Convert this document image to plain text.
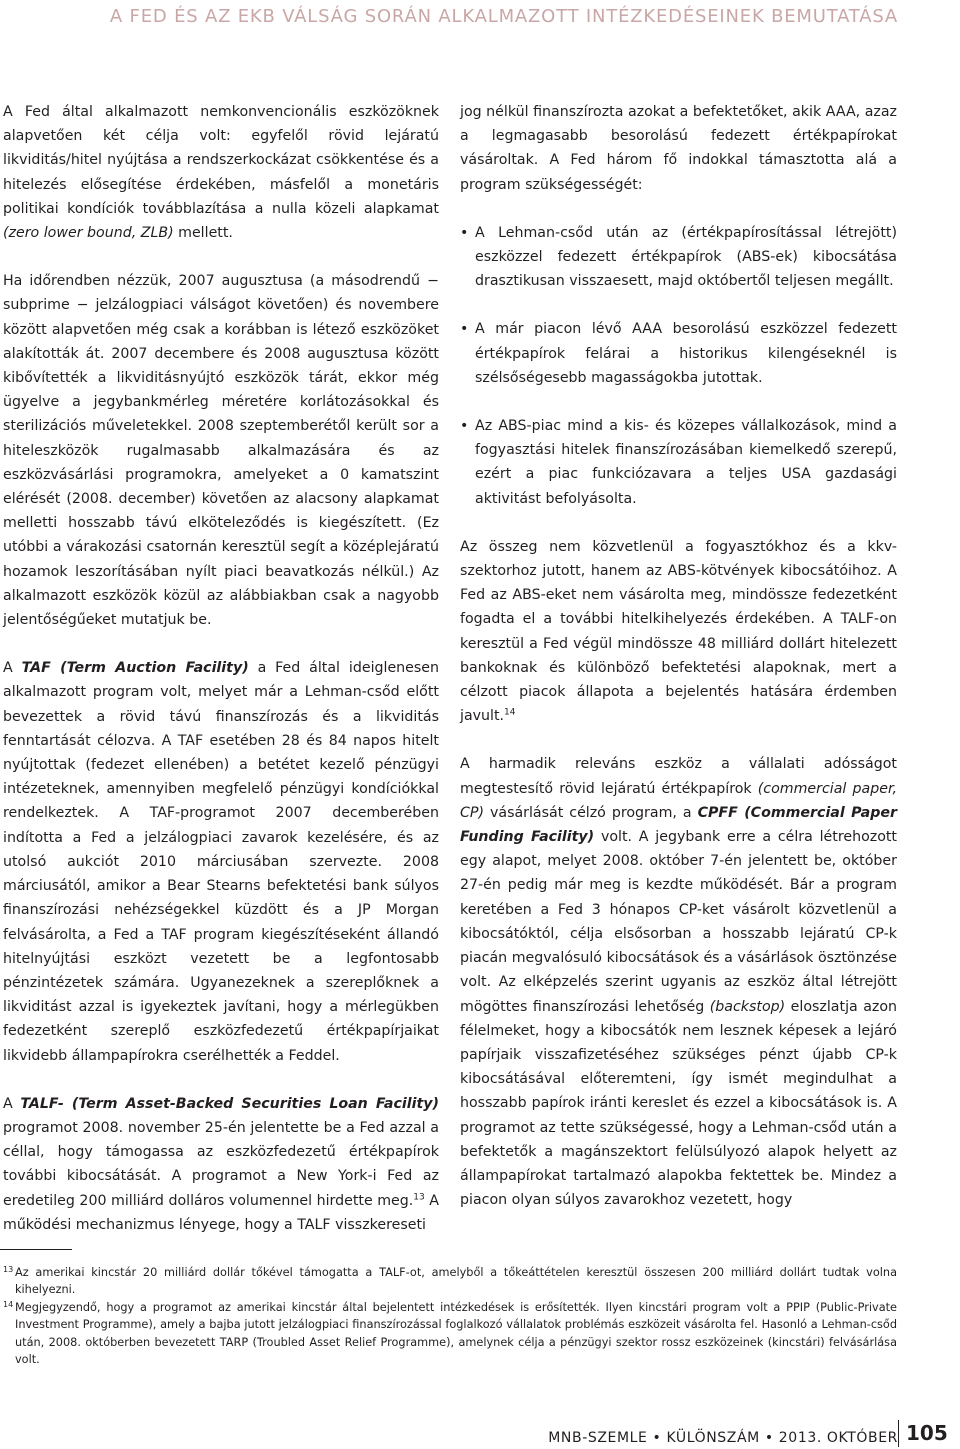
A FED ÉS AZ EKB VÁLSÁG SORÁN ALKALMAZOTT INTÉZKEDÉSEINEK BEMUTATÁSA

A Fed által alkalmazott nemkonvencionális eszközöknek alapvetően két célja volt: egyfelől rövid lejáratú likviditás/hitel nyújtása a rendszerkockázat csökkentése és a hitelezés elősegítése érdekében, másfelől a monetáris politikai kondíciók továbblazítása a nulla közeli alapkamat (zero lower bound, ZLB) mellett.

Ha időrendben nézzük, 2007 augusztusa (a másodrendű − subprime − jelzálogpiaci válságot követően) és novembere között alapvetően még csak a korábban is létező eszközöket alakították át. 2007 decembere és 2008 augusztusa között kibővítették a likviditásnyújtó eszközök tárát, ekkor még ügyelve a jegybankmérleg méretére korlátozásokkal és sterilizációs műveletekkel. 2008 szeptemberétől került sor a hiteleszközök rugalmasabb alkalmazására és az eszközvásárlási programokra, amelyeket a 0 kamatszint elérését (2008. december) követően az alacsony alapkamat melletti hosszabb távú elköteleződés is kiegészített. (Ez utóbbi a várakozási csatornán keresztül segít a középlejáratú hozamok leszorításában nyílt piaci beavatkozás nélkül.) Az alkalmazott eszközök közül az alábbiakban csak a nagyobb jelentőségűeket mutatjuk be.

A TAF (Term Auction Facility) a Fed által ideiglenesen alkalmazott program volt, melyet már a Lehman-csőd előtt bevezettek a rövid távú finanszírozás és a likviditás fenntartását célozva. A TAF esetében 28 és 84 napos hitelt nyújtottak (fedezet ellenében) a betétet kezelő pénzügyi intézeteknek, amennyiben megfelelő pénzügyi kondíciókkal rendelkeztek. A TAF-programot 2007 decemberében indította a Fed a jelzálogpiaci zavarok kezelésére, és az utolsó aukciót 2010 márciusában szervezte. 2008 márciusától, amikor a Bear Stearns befektetési bank súlyos finanszírozási nehézségekkel küzdött és a JP Morgan felvásárolta, a Fed a TAF program kiegészítéseként állandó hitelnyújtási eszközt vezetett be a legfontosabb pénzintézetek számára. Ugyanezeknek a szereplőknek a likviditást azzal is igyekeztek javítani, hogy a mérlegükben fedezetként szereplő eszközfedezetű értékpapírjaikat likvidebb állampapírokra cserélhették a Feddel.

A TALF- (Term Asset-Backed Securities Loan Facility) programot 2008. november 25-én jelentette be a Fed azzal a céllal, hogy támogassa az eszközfedezetű értékpapírok további kibocsátását. A programot a New York-i Fed az eredetileg 200 milliárd dolláros volumennel hirdette meg.$^{13}$ A működési mechanizmus lényege, hogy a TALF visszkereseti

jog nélkül finanszírozta azokat a befektetőket, akik AAA, azaz a legmagasabb besorolású fedezett értékpapírokat vásároltak. A Fed három fő indokkal támasztotta alá a program szükségességét:

• A Lehman-csőd után az (értékpapírosítással létrejött) eszközzel fedezett értékpapírok (ABS-ek) kibocsátása drasztikusan visszaesett, majd októbertől teljesen megállt.
• A már piacon lévő AAA besorolású eszközzel fedezett értékpapírok felárai a historikus kilengéseknél is szélsőségesebb magasságokba jutottak.
• Az ABS-piac mind a kis- és közepes vállalkozások, mind a fogyasztási hitelek finanszírozásában kiemelkedő szerepű, ezért a piac funkciózavara a teljes USA gazdasági aktivitást befolyásolta.

Az összeg nem közvetlenül a fogyasztókhoz és a kkv-szektorhoz jutott, hanem az ABS-kötvények kibocsátóihoz. A Fed az ABS-eket nem vásárolta meg, mindössze fedezetként fogadta el a további hitelkihelyezés érdekében. A TALF-on keresztül a Fed végül mindössze 48 milliárd dollárt hitelezett bankoknak és különböző befektetési alapoknak, mert a célzott piacok állapota a bejelentés hatására érdemben javult.$^{14}$

A harmadik releváns eszköz a vállalati adósságot megtestesítő rövid lejáratú értékpapírok (commercial paper, CP) vásárlását célzó program, a CPFF (Commercial Paper Funding Facility) volt. A jegybank erre a célra létrehozott egy alapot, melyet 2008. október 7-én jelentett be, október 27-én pedig már meg is kezdte működését. Bár a program keretében a Fed 3 hónapos CP-ket vásárolt közvetlenül a kibocsátóktól, célja elsősorban a hosszabb lejáratú CP-k piacán megvalósuló kibocsátások és a vásárlások ösztönzése volt. Az elképzelés szerint ugyanis az eszköz által létrejött mögöttes finanszírozási lehetőség (backstop) eloszlatja azon félelmeket, hogy a kibocsátók nem lesznek képesek a lejáró papírjaik visszafizetéséhez szükséges pénzt újabb CP-k kibocsátásával előteremteni, így ismét megindulhat a hosszabb papírok iránti kereslet és ezzel a kibocsátások is. A programot az tette szükségessé, hogy a Lehman-csőd után a befektetők a magánszektort felülsúlyozó alapok helyett az állampapírokat tartalmazó alapokba fektettek be. Mindez a piacon olyan súlyos zavarokhoz vezetett, hogy

13 Az amerikai kincstár 20 milliárd dollár tőkével támogatta a TALF-ot, amelyből a tőkeáttételen keresztül összesen 200 milliárd dollárt tudtak volna kihelyezni.

14 Megjegyzendő, hogy a programot az amerikai kincstár által bejelentett intézkedések is erősítették. Ilyen kincstári program volt a PPIP (Public-Private Investment Programme), amely a bajba jutott jelzálogpiaci finanszírozással foglalkozó vállalatok problémás eszközeit vásárolta fel. Hasonló a Lehman-csőd után, 2008. októberben bevezetett TARP (Troubled Asset Relief Programme), amelynek célja a pénzügyi szektor rossz eszközeinek (kincstári) felvásárlása volt.

MNB-SZEMLE • KÜLÖNSZÁM • 2013. OKTÓBER 105
